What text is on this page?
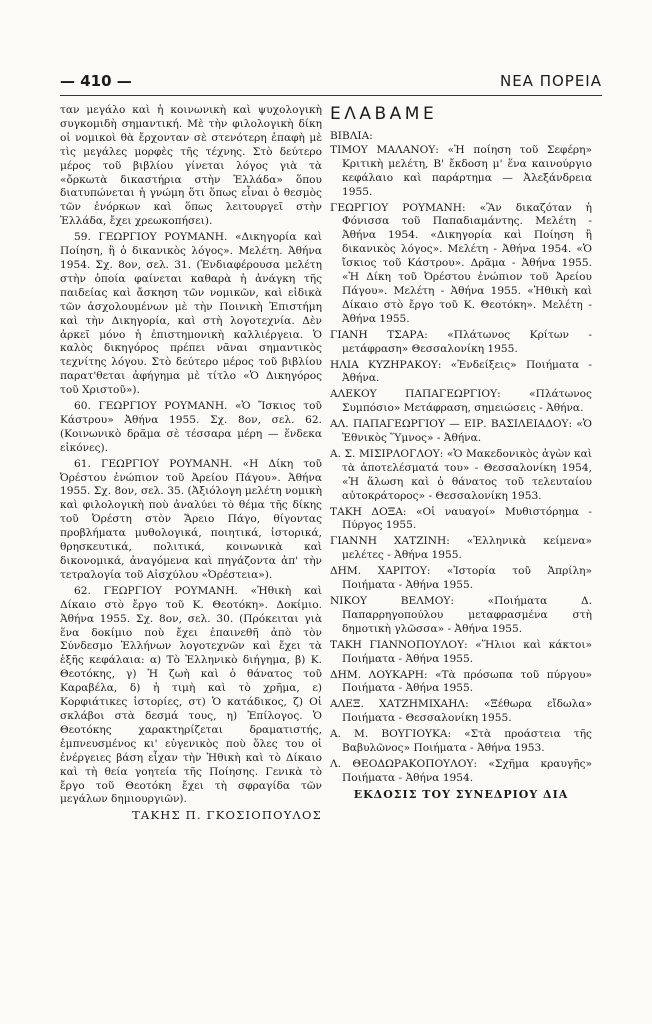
— 410 —	ΝΕΑ ΠΟΡΕΙΑ

ταν μεγάλο καὶ ἡ κοινωνικὴ καὶ ψυχολογικὴ συγκομιδὴ σημαντική. Μὲ τὴν φιλολογικὴ δίκη οἱ νομικοὶ θὰ ἔρχονταν σὲ στενότερη ἐπαφὴ μὲ τὶς μεγάλες μορφὲς τῆς τέχνης. Στὸ δεύτερο μέρος τοῦ βιβλίου γίνεται λόγος γιὰ τὰ «ὄρκωτὰ δικαστήρια στὴν Ἑλλάδα» ὅπου διατυπώνεται ἡ γνώμη ὅτι ὅπως εἶναι ὁ θεσμὸς τῶν ἐνόρκων καὶ ὅπως λειτουργεῖ στὴν Ἑλλάδα, ἔχει χρεωκοπήσει).

59. ΓΕΩΡΓΙΟΥ ΡΟΥΜΑΝΗ. «Δικηγορία καὶ Ποίηση, ἢ ὁ δικανικὸς λόγος». Μελέτη. Ἀθήνα 1954. Σχ. 8ον, σελ. 31. (Ἐνδιαφέρουσα μελέτη στὴν ὁποία φαίνεται καθαρὰ ἡ ἀνάγκη τῆς παιδείας καὶ ἄσκηση τῶν νομικῶν, καὶ εἰδικὰ τῶν ἀσχολουμένων μὲ τὴν Ποινικὴ Ἐπιστήμη καὶ τὴν Δικηγορία, καὶ στὴ λογοτεχνία. Δὲν ἀρκεῖ μόνο ἡ ἐπιστημονικὴ καλλιέργεια. Ὁ καλὸς δικηγόρος πρέπει νᾶναι σημαντικὸς τεχνίτης λόγου. Στὸ δεύτερο μέρος τοῦ βιβλίου παρατ'θεται ἀφήγημα μὲ τίτλο «Ὁ Δικηγόρος τοῦ Χριστοῦ»).

60. ΓΕΩΡΓΙΟΥ ΡΟΥΜΑΝΗ. «Ὁ Ἴσκιος τοῦ Κάστρου» Ἀθήνα 1955. Σχ. 8ον, σελ. 62. (Κοινωνικὸ δρᾶμα σὲ τέσσαρα μέρη — ἕνδεκα εἰκόνες).

61. ΓΕΩΡΓΙΟΥ ΡΟΥΜΑΝΗ. «Η Δίκη τοῦ Ὀρέστου ἐνώπιον τοῦ Ἀρείου Πάγου». Ἀθήνα 1955. Σχ. 8ον, σελ. 35. (Ἀξιόλογη μελέτη νομικὴ καὶ φιλολογικὴ ποὺ ἀναλύει τὸ θέμα τῆς δίκης τοῦ Ὀρέστη στὸν Ἄρειο Πάγο, θίγοντας προβλήματα μυθολογικά, ποιητικά, ἱστορικά, θρησκευτικά, πολιτικά, κοινωνικὰ καὶ δικονομικά, ἀναγόμενα καὶ πηγάζοντα ἀπ' τὴν τετραλογία τοῦ Αἰσχύλου «Ὀρέστεια»).

62. ΓΕΩΡΓΙΟΥ ΡΟΥΜΑΝΗ. «Ἠθικὴ καὶ Δίκαιο στὸ ἔργο τοῦ Κ. Θεοτόκη». Δοκίμιο. Ἀθήνα 1955. Σχ. 8ον, σελ. 30. (Πρόκειται γιὰ ἕνα δοκίμιο ποὺ ἔχει ἐπαινεθῆ ἀπὸ τὸν Σύνδεσμο Ἑλλήνων λογοτεχνῶν καὶ ἔχει τὰ ἑξῆς κεφάλαια: α) Τὸ Ἑλληνικὸ διήγημα, β) Κ. Θεοτόκης, γ) Ἡ ζωὴ καὶ ὁ θάνατος τοῦ Καραβέλα, δ) ἡ τιμὴ καὶ τὸ χρῆμα, ε) Κορφιάτικες ἱστορίες, στ) Ὁ κατάδικος, ζ) Οἱ σκλάβοι στὰ δεσμά τους, η) Ἐπίλογος. Ὁ Θεοτόκης χαρακτηρίζεται δραματιστής, ἐμπνευσμένος κι' εὐγενικὸς ποὺ ὅλες του οἱ ἐνέργειες βάση εἶχαν τὴν Ἠθικὴ καὶ τὸ Δίκαιο καὶ τὴ θεία γοητεία τῆς Ποίησης. Γενικὰ τὸ ἔργο τοῦ Θεοτόκη ἔχει τὴ σφραγίδα τῶν μεγάλων δημιουργιῶν).

ΤΑΚΗΣ Π. ΓΚΟΣΙΟΠΟΥΛΟΣ
ΕΛΑΒΑΜΕ
ΒΙΒΛΙΑ:
ΤΙΜΟΥ ΜΑΛΑΝΟΥ: «Ἡ ποίηση τοῦ Σεφέρη» Κριτικὴ μελέτη, Β' ἔκδοση μ' ἕνα καινούργιο κεφάλαιο καὶ παράρτημα — Ἀλεξάνδρεια 1955.
ΓΕΩΡΓΙΟΥ ΡΟΥΜΑΝΗ: «Ἂν δικαζόταν ἡ Φόνισσα τοῦ Παπαδιαμάντης. Μελέτη - Ἀθήνα 1954. «Δικηγορία καὶ Ποίηση ἢ δικανικὸς λόγος». Μελέτη - Ἀθήνα 1954. «Ὁ ἴσκιος τοῦ Κάστρου». Δρᾶμα - Ἀθήνα 1955. «Ἡ Δίκη τοῦ Ὀρέστου ἐνώπιον τοῦ Ἀρείου Πάγου». Μελέτη - Ἀθήνα 1955. «Ἠθικὴ καὶ Δίκαιο στὸ ἔργο τοῦ Κ. Θεοτόκη». Μελέτη - Ἀθήνα 1955.
ΓΙΑΝΗ ΤΣΑΡΑ: «Πλάτωνος Κρίτων - μετάφραση» Θεσσαλονίκη 1955.
ΗΛΙΑ ΚΥΖΗΡΑΚΟΥ: «Ἐνδείξεις» Ποιήματα - Ἀθήνα.
ΑΛΕΚΟΥ ΠΑΠΑΓΕΩΡΓΙΟΥ: «Πλάτωνος Συμπόσιο» Μετάφραση, σημειώσεις - Ἀθήνα.
ΑΛ. ΠΑΠΑΓΕΩΡΓΙΟΥ — ΕΙΡ. ΒΑΣΙΛΕΙΑΔΟΥ: «Ὁ Ἐθνικὸς Ὕμνος» - Ἀθήνα.
Α. Σ. ΜΙΣΙΡΛΟΓΛΟΥ: «Ὁ Μακεδονικὸς ἀγὼν καὶ τὰ ἀποτελέσματά του» - Θεσσαλονίκη 1954, «Ἡ ἅλωση καὶ ὁ θάνατος τοῦ τελευταίου αὐτοκράτορος» - Θεσσαλονίκη 1953.
ΤΑΚΗ ΔΟΞΑ: «Οἱ ναυαγοί» Μυθιστόρημα - Πύργος 1955.
ΓΙΑΝΝΗ ΧΑΤΖΙΝΗ: «Ἑλληνικὰ κείμενα» μελέτες - Ἀθήνα 1955.
ΔΗΜ. ΧΑΡΙΤΟΥ: «Ἱστορία τοῦ Ἀπρίλη» Ποιήματα - Ἀθήνα 1955.
ΝΙΚΟΥ ΒΕΛΜΟΥ: «Ποιήματα Δ. Παπαρρηγοπούλου μεταφρασμένα στὴ δημοτικὴ γλῶσσα» - Ἀθήνα 1955.
ΤΑΚΗ ΓΙΑΝΝΟΠΟΥΛΟΥ: «Ἥλιοι καὶ κάκτοι» Ποιήματα - Ἀθήνα 1955.
ΔΗΜ. ΛΟΥΚΑΡΗ: «Τὰ πρόσωπα τοῦ πύργου» Ποιήματα - Ἀθήνα 1955.
ΑΛΕΞ. ΧΑΤΖΗΜΙΧΑΗΛ: «Ξέθωρα εἴδωλα» Ποιήματα - Θεσσαλονίκη 1955.
Α. Μ. ΒΟΥΓΙΟΥΚΑ: «Στὰ προάστεια τῆς Βαβυλῶνος» Ποιήματα - Ἀθήνα 1953.
Λ. ΘΕΟΔΩΡΑΚΟΠΟΥΛΟΥ: «Σχῆμα κραυγῆς» Ποιήματα - Ἀθήνα 1954.
ΕΚΔΟΣΙΣ ΤΟΥ ΣΥΝΕΔΡΙΟΥ ΔΙΑ
